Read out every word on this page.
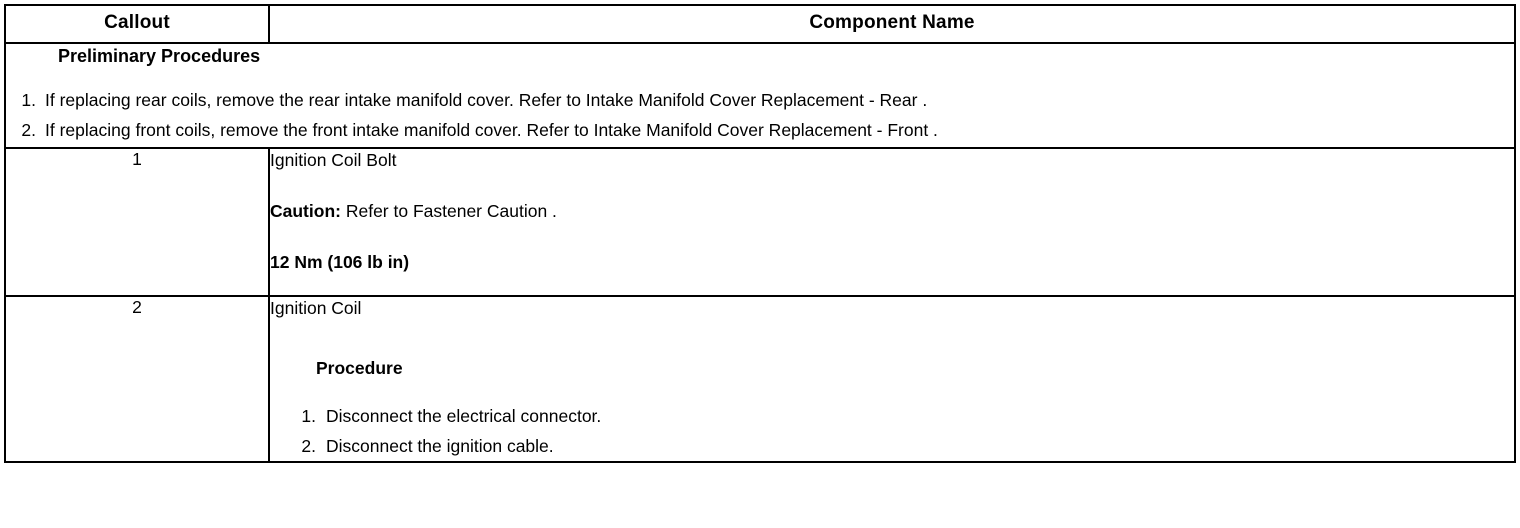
Callout	Component Name

Preliminary Procedures
1. If replacing rear coils, remove the rear intake manifold cover. Refer to Intake Manifold Cover Replacement - Rear .
2. If replacing front coils, remove the front intake manifold cover. Refer to Intake Manifold Cover Replacement - Front .

1	Ignition Coil Bolt
Caution: Refer to Fastener Caution .
12 Nm (106 lb in)

2	Ignition Coil
Procedure
1. Disconnect the electrical connector.
2. Disconnect the ignition cable.
